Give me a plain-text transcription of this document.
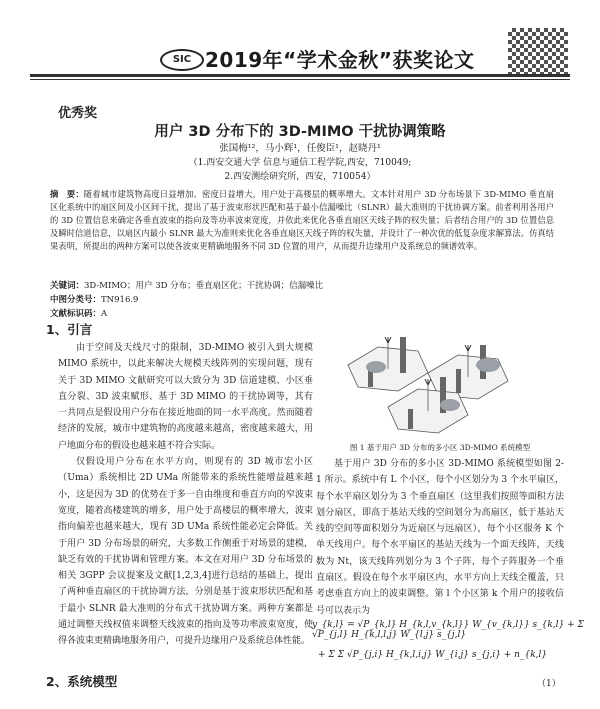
SIC 2019年“学术金秋”获奖论文
优秀奖
用户 3D 分布下的 3D-MIMO 干扰协调策略
张国梅¹²，马小辉¹，任俊臣¹，赵晓丹¹
（1.西安交通大学 信息与通信工程学院,西安，710049;
2.西安测绘研究所，西安，710054）
摘　要：随着城市建筑物高度日益增加、密度日益增大，用户处于高楼层的概率增大。文本针对用户 3D 分布场景下 3D-MIMO 垂直扇区化系统中的扇区间及小区间干扰，提出了基于波束形状匹配和基于最小信漏噪比（SLNR）最大准则的干扰协调方案。前者利用各用户的 3D 位置信息来确定各垂直波束的指向及等功率波束宽度，并依此来优化各垂直扇区天线子阵的权失量；后者结合用户的 3D 位置信息及瞬时信道信息，以扇区内最小 SLNR 最大为准则来优化各垂直扇区天线子阵的权失量，并设计了一种次优的低复杂度求解算法。仿真结果表明，所提出的两种方案可以使各波束更精确地服务不同 3D 位置的用户，从而提升边缘用户及系统总的频谱效率。
关键词：3D-MIMO；用户 3D 分布；垂直扇区化；干扰协调；信漏噪比
中图分类号：TN916.9
文献标识码：A
1、引言

由于空间及天线尺寸的限制，3D-MIMO 被引入到大规模 MIMO 系统中，以此来解决大规模天线阵列的实现问题，现有关于 3D MIMO 文献研究可以大致分为 3D 信道建模、小区垂直分裂、3D 波束赋形、基于 3D MIMO 的干扰协调等，其有一共同点是假设用户分布在接近地面的同一水平高度。然而随着经济的发展，城市中建筑物的高度越来越高，密度越来越大，用户地面分布的假设也越来越不符合实际。

仅假设用户分布在水平方向，则现有的 3D 城市宏小区（Uma）系统相比 2D UMa 所能带来的系统性能增益越来越小，这是因为 3D 的优势在于多一自由维度和垂直方向的窄波束宽度，随着高楼建筑的增多，用户处于高楼层的概率增大，波束指向偏差也越来越大，现有 3D UMa 系统性能必定会降低。关于用户 3D 分布场景的研究，大多数工作侧重于对场景的建模，缺乏有效的干扰协调和管理方案。本文在对用户 3D 分布场景的相关 3GPP 会议提案及文献[1,2,3,4]进行总结的基础上，提出了两种垂直扇区的干扰协调方法，分别是基于波束形状匹配和基于最小 SLNR 最大准则的分布式干扰协调方案。两种方案都是通过调整天线权值来调整天线波束的指向及等功率波束宽度，使得各波束更精确地服务用户，可提升边缘用户及系统总体性能。

图 1 基于用户 3D 分布的多小区 3D-MIMO 系统模型

基于用户 3D 分布的多小区 3D-MIMO 系统模型如图 2-1 所示。系统中有 L 个小区，每个小区划分为 3 个水平扇区，每个水平扇区划分为 3 个垂直扇区（这里我们按照等面积方法划分扇区，即高于基站天线的空间划分为高扇区，低于基站天线的空间等面积划分为近扇区与远扇区），每个小区服务 K 个单天线用户。每个水平扇区的基站天线为一个面天线阵，天线数为 Nt，该天线阵列划分为 3 个子阵，每个子阵服务一个垂直扇区。假设在每个水平扇区内，水平方向上天线全覆盖，只考虑垂直方向上的波束调整。第 l 个小区第 k 个用户的接收信号可以表示为

y_{k,l} = √P_{k,l} H_{k,l,v_{k,l}} W_{v_{k,l}} s_{k,l} + Σ √P_{j,l} H_{k,l,l,j} W_{l,j} s_{j,l}
+ Σ Σ √P_{j,i} H_{k,l,i,j} W_{i,j} s_{j,i} + n_{k,l}
（1）
2、系统模型
